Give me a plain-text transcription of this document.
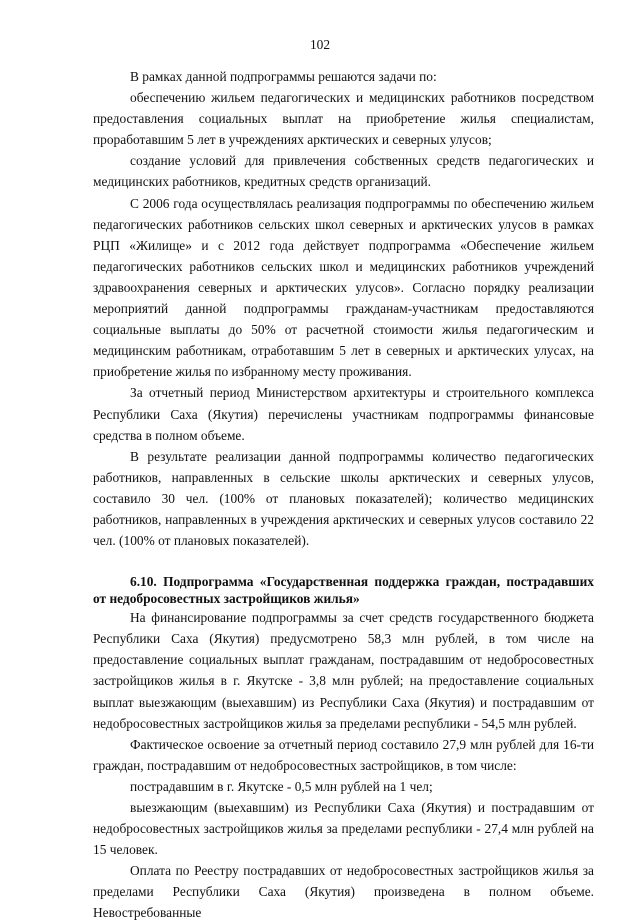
102

В рамках данной подпрограммы решаются задачи по:

обеспечению жильем педагогических и медицинских работников посредством предоставления социальных выплат на приобретение жилья специалистам, проработавшим 5 лет в учреждениях арктических и северных улусов;

создание условий для привлечения собственных средств педагогических и медицинских работников, кредитных средств организаций.

С 2006 года осуществлялась реализация подпрограммы по обеспечению жильем педагогических работников сельских школ северных и арктических улусов в рамках РЦП «Жилище» и с 2012 года действует подпрограмма «Обеспечение жильем педагогических работников сельских школ и медицинских работников учреждений здравоохранения северных и арктических улусов». Согласно порядку реализации мероприятий данной подпрограммы гражданам-участникам предоставляются социальные выплаты до 50% от расчетной стоимости жилья педагогическим и медицинским работникам, отработавшим 5 лет в северных и арктических улусах, на приобретение жилья по избранному месту проживания.

За отчетный период Министерством архитектуры и строительного комплекса Республики Саха (Якутия) перечислены участникам подпрограммы финансовые средства в полном объеме.

В результате реализации данной подпрограммы количество педагогических работников, направленных в сельские школы арктических и северных улусов, составило 30 чел. (100% от плановых показателей); количество медицинских работников, направленных в учреждения арктических и северных улусов составило 22 чел. (100% от плановых показателей).

6.10. Подпрограмма «Государственная поддержка граждан, пострадавших от недобросовестных застройщиков жилья»

На финансирование подпрограммы за счет средств государственного бюджета Республики Саха (Якутия) предусмотрено 58,3 млн рублей, в том числе на предоставление социальных выплат гражданам, пострадавшим от недобросовестных застройщиков жилья в г. Якутске - 3,8 млн рублей; на предоставление социальных выплат выезжающим (выехавшим) из Республики Саха (Якутия) и пострадавшим от недобросовестных застройщиков жилья за пределами республики - 54,5 млн рублей.

Фактическое освоение за отчетный период составило 27,9 млн рублей для 16-ти граждан, пострадавшим от недобросовестных застройщиков, в том числе:

пострадавшим в г. Якутске - 0,5 млн рублей на 1 чел;

выезжающим (выехавшим) из Республики Саха (Якутия) и пострадавшим от недобросовестных застройщиков жилья за пределами республики - 27,4 млн рублей на 15 человек.

Оплата по Реестру пострадавших от недобросовестных застройщиков жилья за пределами Республики Саха (Якутия) произведена в полном объеме. Невостребованные
